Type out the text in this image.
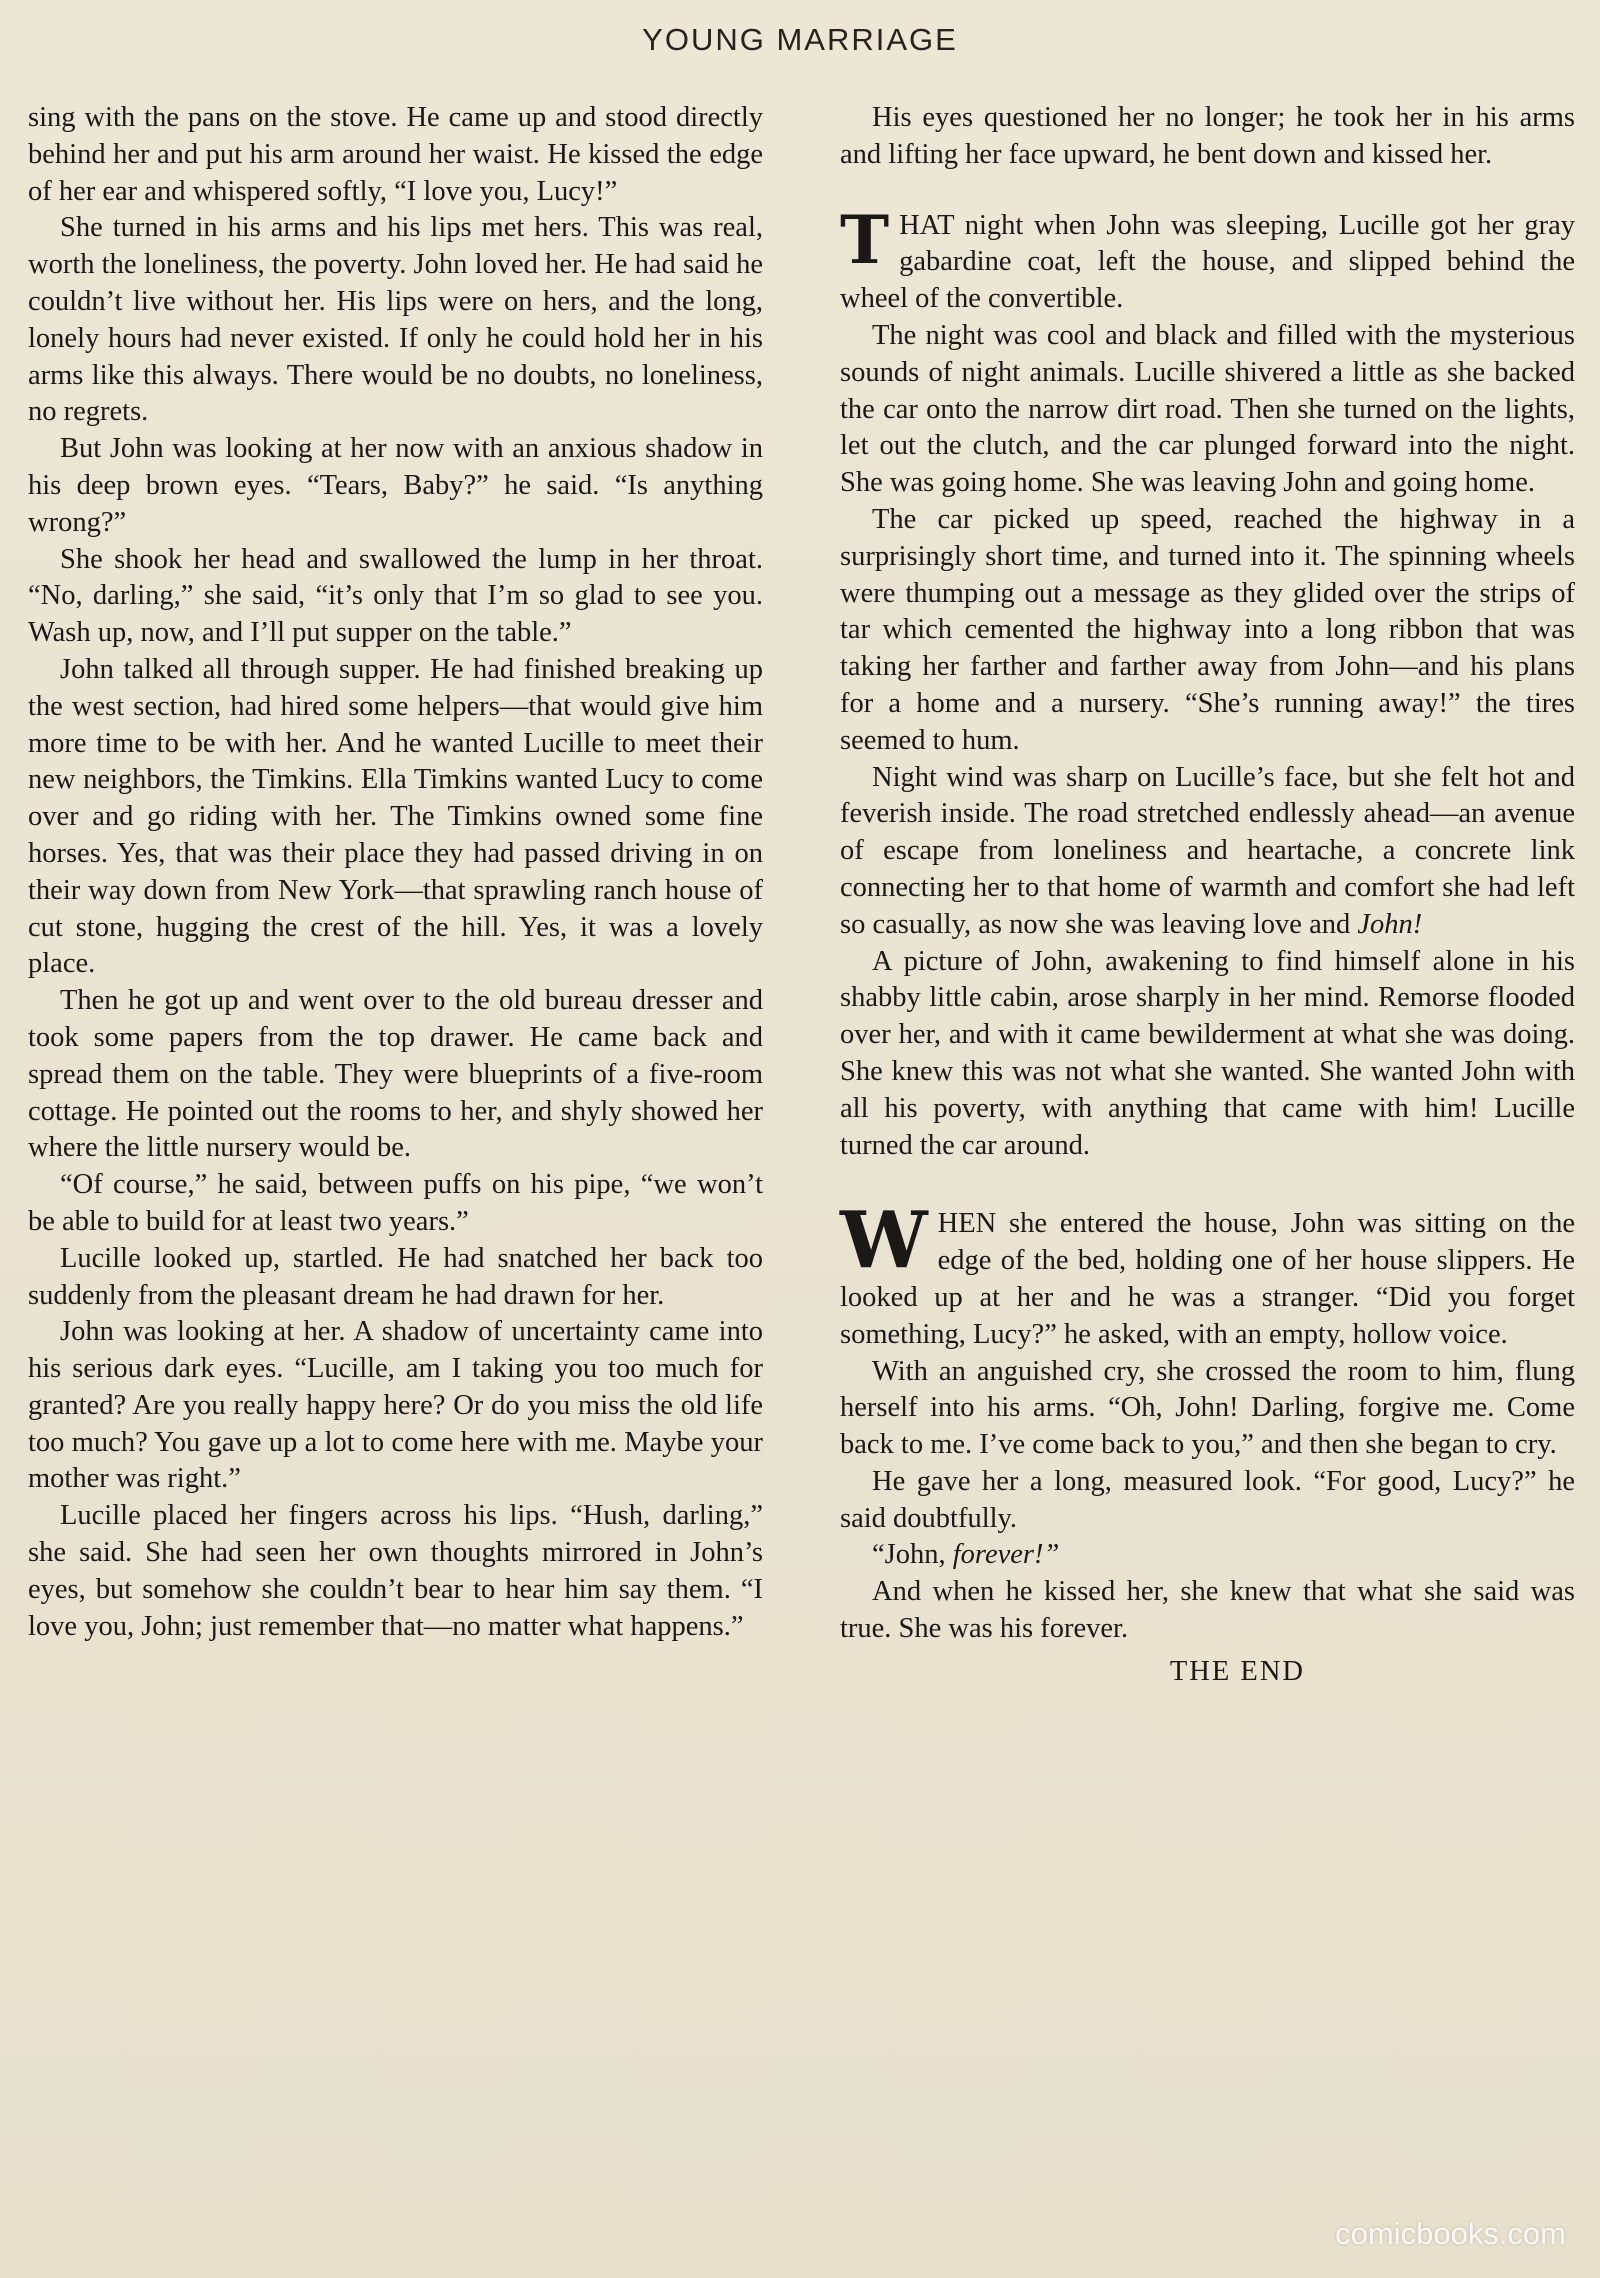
YOUNG MARRIAGE

sing with the pans on the stove. He came up and stood directly behind her and put his arm around her waist. He kissed the edge of her ear and whispered softly, “I love you, Lucy!”

She turned in his arms and his lips met hers. This was real, worth the loneliness, the poverty. John loved her. He had said he couldn’t live without her. His lips were on hers, and the long, lonely hours had never existed. If only he could hold her in his arms like this always. There would be no doubts, no loneliness, no regrets.

But John was looking at her now with an anxious shadow in his deep brown eyes. “Tears, Baby?” he said. “Is anything wrong?”

She shook her head and swallowed the lump in her throat. “No, darling,” she said, “it’s only that I’m so glad to see you. Wash up, now, and I’ll put supper on the table.”

John talked all through supper. He had finished breaking up the west section, had hired some helpers—that would give him more time to be with her. And he wanted Lucille to meet their new neighbors, the Timkins. Ella Timkins wanted Lucy to come over and go riding with her. The Timkins owned some fine horses. Yes, that was their place they had passed driving in on their way down from New York—that sprawling ranch house of cut stone, hugging the crest of the hill. Yes, it was a lovely place.

Then he got up and went over to the old bureau dresser and took some papers from the top drawer. He came back and spread them on the table. They were blueprints of a five-room cottage. He pointed out the rooms to her, and shyly showed her where the little nursery would be.

“Of course,” he said, between puffs on his pipe, “we won’t be able to build for at least two years.”

Lucille looked up, startled. He had snatched her back too suddenly from the pleasant dream he had drawn for her.

John was looking at her. A shadow of uncertainty came into his serious dark eyes. “Lucille, am I taking you too much for granted? Are you really happy here? Or do you miss the old life too much? You gave up a lot to come here with me. Maybe your mother was right.”

Lucille placed her fingers across his lips. “Hush, darling,” she said. She had seen her own thoughts mirrored in John’s eyes, but somehow she couldn’t bear to hear him say them. “I love you, John; just remember that—no matter what happens.”

His eyes questioned her no longer; he took her in his arms and lifting her face upward, he bent down and kissed her.

THAT night when John was sleeping, Lucille got her gray gabardine coat, left the house, and slipped behind the wheel of the convertible.

The night was cool and black and filled with the mysterious sounds of night animals. Lucille shivered a little as she backed the car onto the narrow dirt road. Then she turned on the lights, let out the clutch, and the car plunged forward into the night. She was going home. She was leaving John and going home.

The car picked up speed, reached the highway in a surprisingly short time, and turned into it. The spinning wheels were thumping out a message as they glided over the strips of tar which cemented the highway into a long ribbon that was taking her farther and farther away from John—and his plans for a home and a nursery. “She’s running away!” the tires seemed to hum.

Night wind was sharp on Lucille’s face, but she felt hot and feverish inside. The road stretched endlessly ahead—an avenue of escape from loneliness and heartache, a concrete link connecting her to that home of warmth and comfort she had left so casually, as now she was leaving love and John!

A picture of John, awakening to find himself alone in his shabby little cabin, arose sharply in her mind. Remorse flooded over her, and with it came bewilderment at what she was doing. She knew this was not what she wanted. She wanted John with all his poverty, with anything that came with him! Lucille turned the car around.

WHEN she entered the house, John was sitting on the edge of the bed, holding one of her house slippers. He looked up at her and he was a stranger. “Did you forget something, Lucy?” he asked, with an empty, hollow voice.

With an anguished cry, she crossed the room to him, flung herself into his arms. “Oh, John! Darling, forgive me. Come back to me. I’ve come back to you,” and then she began to cry.

He gave her a long, measured look. “For good, Lucy?” he said doubtfully.

“John, forever!”

And when he kissed her, she knew that what she said was true. She was his forever.

THE END
comicbooks.com
